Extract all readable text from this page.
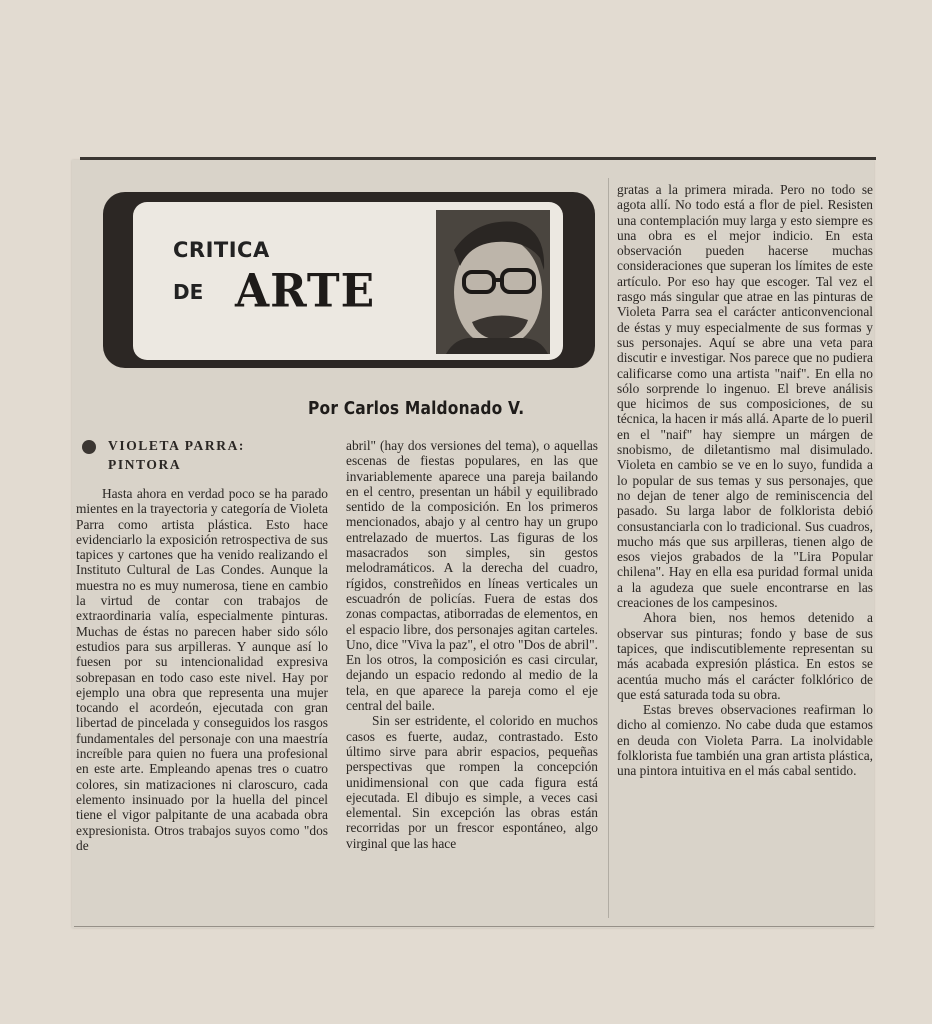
CRITICA
DE ARTE
Por Carlos Maldonado V.
VIOLETA PARRA:
PINTORA

Hasta ahora en verdad poco se ha parado mientes en la trayectoria y categoría de Violeta Parra como artista plástica. Esto hace evidenciarlo la exposición retrospectiva de sus tapices y cartones que ha venido realizando el Instituto Cultural de Las Condes. Aunque la muestra no es muy numerosa, tiene en cambio la virtud de contar con trabajos de extraordinaria valía, especialmente pinturas. Muchas de éstas no parecen haber sido sólo estudios para sus arpilleras. Y aunque así lo fuesen por su intencionalidad expresiva sobrepasan en todo caso este nivel. Hay por ejemplo una obra que representa una mujer tocando el acordeón, ejecutada con gran libertad de pincelada y conseguidos los rasgos fundamentales del personaje con una maestría increíble para quien no fuera una profesional en este arte. Empleando apenas tres o cuatro colores, sin matizaciones ni claroscuro, cada elemento insinuado por la huella del pincel tiene el vigor palpitante de una acabada obra expresionista. Otros trabajos suyos como "dos de

abril" (hay dos versiones del tema), o aquellas escenas de fiestas populares, en las que invariablemente aparece una pareja bailando en el centro, presentan un hábil y equilibrado sentido de la composición. En los primeros mencionados, abajo y al centro hay un grupo entrelazado de muertos. Las figuras de los masacrados son simples, sin gestos melodramáticos. A la derecha del cuadro, rígidos, constreñidos en líneas verticales un escuadrón de policías. Fuera de estas dos zonas compactas, atiborradas de elementos, en el espacio libre, dos personajes agitan carteles. Uno, dice "Viva la paz", el otro "Dos de abril". En los otros, la composición es casi circular, dejando un espacio redondo al medio de la tela, en que aparece la pareja como el eje central del baile.

Sin ser estridente, el colorido en muchos casos es fuerte, audaz, contrastado. Esto último sirve para abrir espacios, pequeñas perspectivas que rompen la concepción unidimensional con que cada figura está ejecutada. El dibujo es simple, a veces casi elemental. Sin excepción las obras están recorridas por un frescor espontáneo, algo virginal que las hace

gratas a la primera mirada. Pero no todo se agota allí. No todo está a flor de piel. Resisten una contemplación muy larga y esto siempre es una obra es el mejor indicio. En esta observación pueden hacerse muchas consideraciones que superan los límites de este artículo. Por eso hay que escoger. Tal vez el rasgo más singular que atrae en las pinturas de Violeta Parra sea el carácter anticonvencional de éstas y muy especialmente de sus formas y sus personajes. Aquí se abre una veta para discutir e investigar. Nos parece que no pudiera calificarse como una artista "naif". En ella no sólo sorprende lo ingenuo. El breve análisis que hicimos de sus composiciones, de su técnica, la hacen ir más allá. Aparte de lo pueril en el "naif" hay siempre un márgen de snobismo, de diletantismo mal disimulado. Violeta en cambio se ve en lo suyo, fundida a lo popular de sus temas y sus personajes, que no dejan de tener algo de reminiscencia del pasado. Su larga labor de folklorista debió consustanciarla con lo tradicional. Sus cuadros, mucho más que sus arpilleras, tienen algo de esos viejos grabados de la "Lira Popular chilena". Hay en ella esa puridad formal unida a la agudeza que suele encontrarse en las creaciones de los campesinos.

Ahora bien, nos hemos detenido a observar sus pinturas; fondo y base de sus tapices, que indiscutiblemente representan su más acabada expresión plástica. En estos se acentúa mucho más el carácter folklórico de que está saturada toda su obra.

Estas breves observaciones reafirman lo dicho al comienzo. No cabe duda que estamos en deuda con Violeta Parra. La inolvidable folklorista fue también una gran artista plástica, una pintora intuitiva en el más cabal sentido.
